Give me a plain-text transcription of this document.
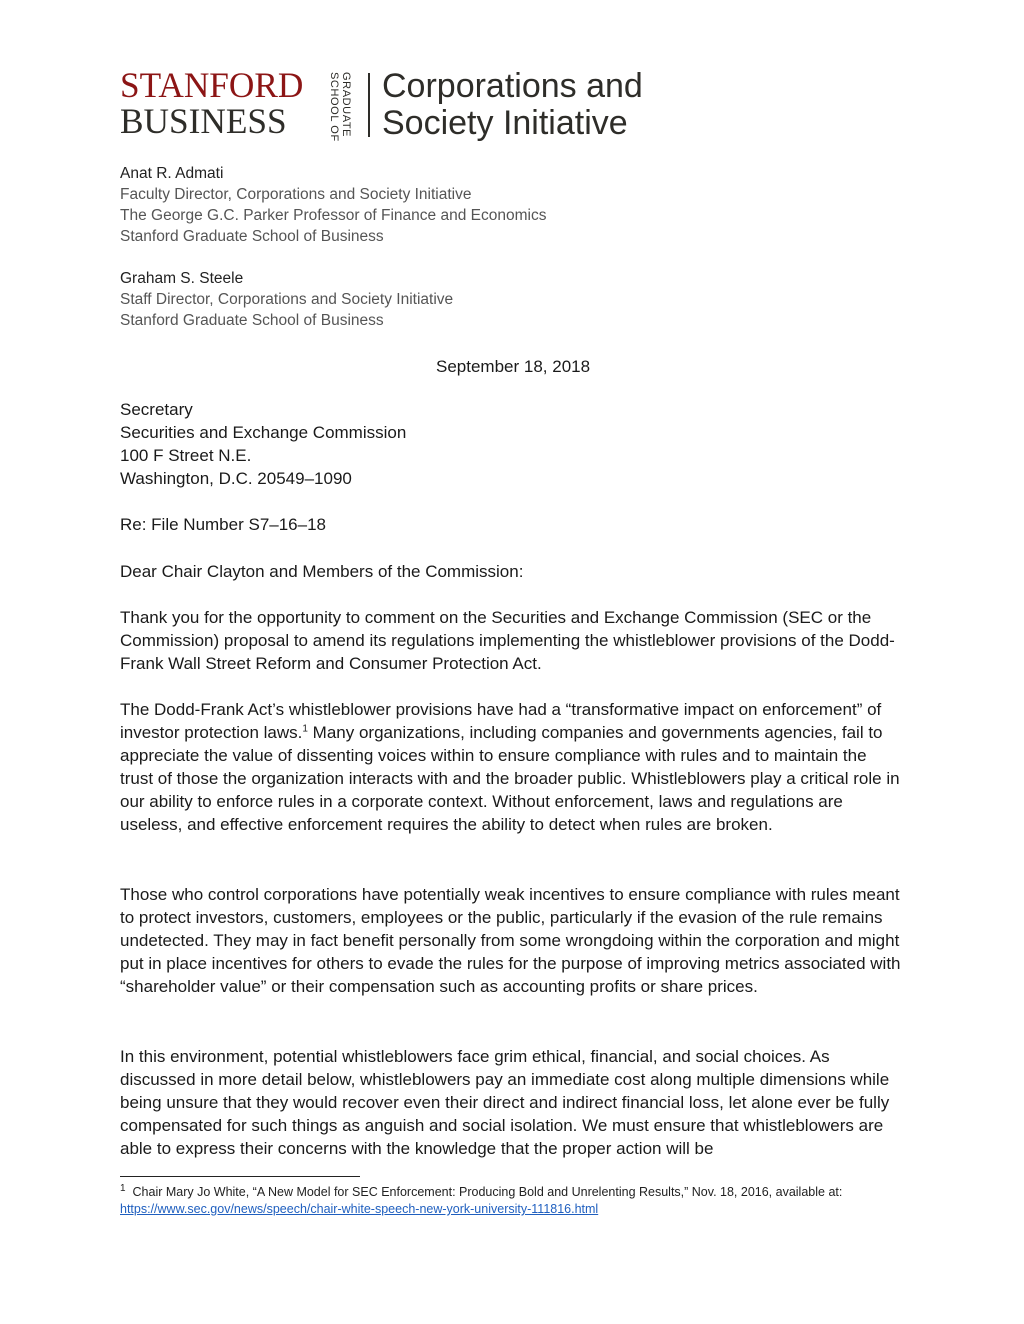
STANFORD
BUSINESS	GRADUATE
SCHOOL OF Corporations and
Society Initiative
Anat R. Admati
Faculty Director, Corporations and Society Initiative
The George G.C. Parker Professor of Finance and Economics
Stanford Graduate School of Business
Graham S. Steele
Staff Director, Corporations and Society Initiative
Stanford Graduate School of Business
September 18, 2018
Secretary
Securities and Exchange Commission
100 F Street N.E.
Washington, D.C. 20549–1090
Re: File Number S7–16–18
Dear Chair Clayton and Members of the Commission:
Thank you for the opportunity to comment on the Securities and Exchange Commission (SEC or the Commission) proposal to amend its regulations implementing the whistleblower provisions of the Dodd-Frank Wall Street Reform and Consumer Protection Act.
The Dodd-Frank Act’s whistleblower provisions have had a “transformative impact on enforcement” of investor protection laws.$^1$ Many organizations, including companies and governments agencies, fail to appreciate the value of dissenting voices within to ensure compliance with rules and to maintain the trust of those the organization interacts with and the broader public. Whistleblowers play a critical role in our ability to enforce rules in a corporate context. Without enforcement, laws and regulations are useless, and effective enforcement requires the ability to detect when rules are broken.
Those who control corporations have potentially weak incentives to ensure compliance with rules meant to protect investors, customers, employees or the public, particularly if the evasion of the rule remains undetected. They may in fact benefit personally from some wrongdoing within the corporation and might put in place incentives for others to evade the rules for the purpose of improving metrics associated with “shareholder value” or their compensation such as accounting profits or share prices.
In this environment, potential whistleblowers face grim ethical, financial, and social choices. As discussed in more detail below, whistleblowers pay an immediate cost along multiple dimensions while being unsure that they would recover even their direct and indirect financial loss, let alone ever be fully compensated for such things as anguish and social isolation. We must ensure that whistleblowers are able to express their concerns with the knowledge that the proper action will be
$^1$ Chair Mary Jo White, “A New Model for SEC Enforcement: Producing Bold and Unrelenting Results,” Nov. 18, 2016, available at:
https://www.sec.gov/news/speech/chair-white-speech-new-york-university-111816.html
